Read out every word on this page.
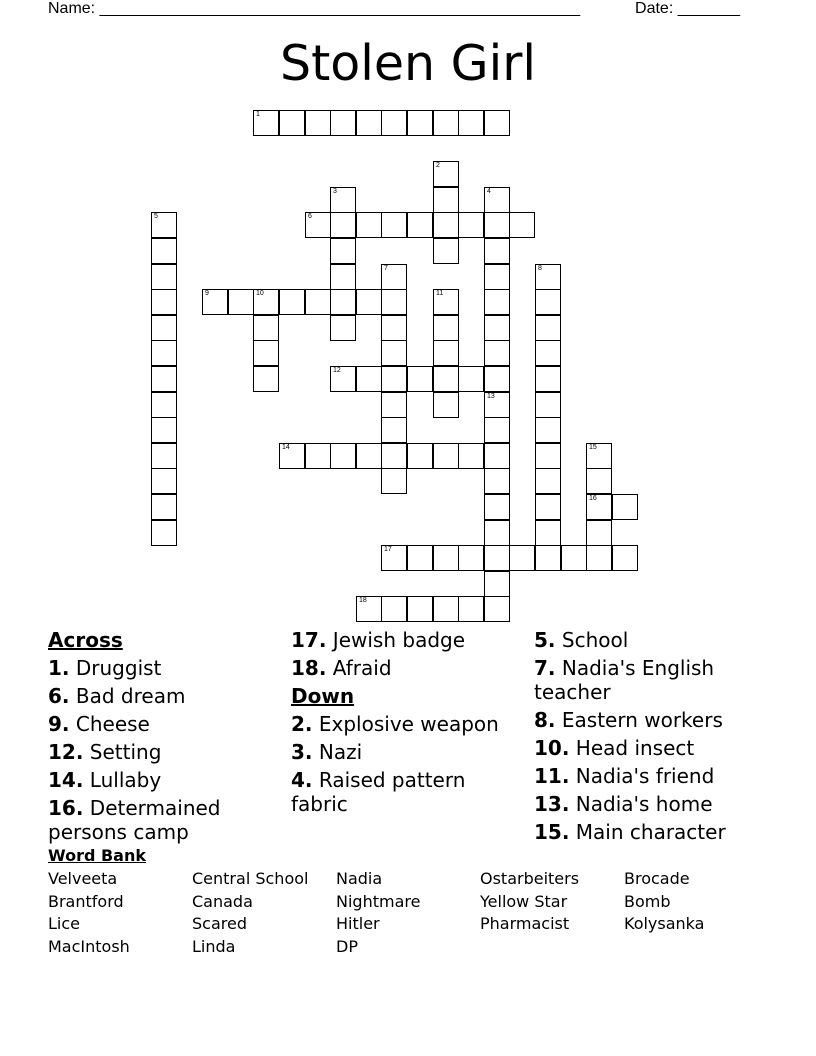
Name: ______________________________________________________	Date: _______
Stolen Girl
1
2
3	4
5	6
7	8
9	10	11
12
13
14	15
16
17
18
Across
1. Druggist
6. Bad dream
9. Cheese
12. Setting
14. Lullaby
16. Determained persons camp
17. Jewish badge
18. Afraid
Down
2. Explosive weapon
3. Nazi
4. Raised pattern fabric
5. School
7. Nadia's English teacher
8. Eastern workers
10. Head insect
11. Nadia's friend
13. Nadia's home
15. Main character
Word Bank
Velveeta
Brantford
Lice
MacIntosh
Central School
Canada
Scared
Linda
Nadia
Nightmare
Hitler
DP
Ostarbeiters
Yellow Star
Pharmacist
Brocade
Bomb
Kolysanka
